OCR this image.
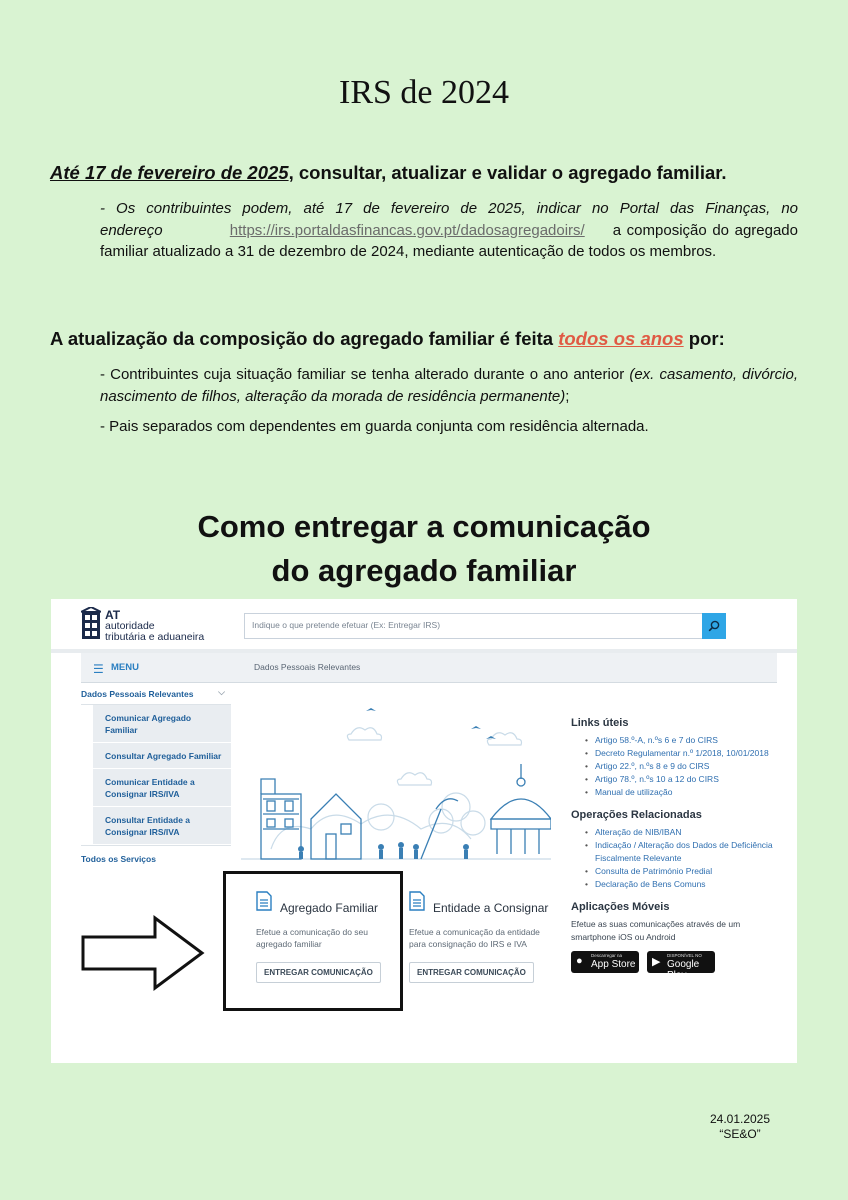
IRS de 2024
Até 17 de fevereiro de 2025, consultar, atualizar e validar o agregado familiar.
- Os contribuintes podem, até 17 de fevereiro de 2025, indicar no Portal das Finanças, no endereço	https://irs.portaldasfinancas.gov.pt/dadosagregadoirs/ a composição do agregado familiar atualizado a 31 de dezembro de 2024, mediante autenticação de todos os membros.
A atualização da composição do agregado familiar é feita todos os anos por:
- Contribuintes cuja situação familiar se tenha alterado durante o ano anterior (ex. casamento, divórcio, nascimento de filhos, alteração da morada de residência permanente);
- Pais separados com dependentes em guarda conjunta com residência alternada.
Como entregar a comunicação
do agregado familiar
AT
autoridade
tributária e aduaneira
Indique o que pretende efetuar (Ex: Entregar IRS)
☰ MENU	Dados Pessoais Relevantes
Dados Pessoais Relevantes	⌵
Comunicar Agregado Familiar
Consultar Agregado Familiar
Comunicar Entidade a Consignar IRS/IVA
Consultar Entidade a Consignar IRS/IVA
Todos os Serviços
Agregado Familiar
Efetue a comunicação do seu agregado familiar
ENTREGAR COMUNICAÇÃO
Entidade a Consignar
Efetue a comunicação da entidade para consignação do IRS e IVA
ENTREGAR COMUNICAÇÃO
Links úteis
• Artigo 58.º-A, n.ºs 6 e 7 do CIRS
• Decreto Regulamentar n.º 1/2018, 10/01/2018
• Artigo 22.º, n.ºs 8 e 9 do CIRS
• Artigo 78.º, n.ºs 10 a 12 do CIRS
• Manual de utilização
Operações Relacionadas
• Alteração de NIB/IBAN
• Indicação / Alteração dos Dados de Deficiência Fiscalmente Relevante
• Consulta de Património Predial
• Declaração de Bens Comuns
Aplicações Móveis
Efetue as suas comunicações através de um smartphone iOS ou Android
● Descarregar na
App Store ▶
DISPONÍVEL NO
Google Play
24.01.2025
“SE&O”
